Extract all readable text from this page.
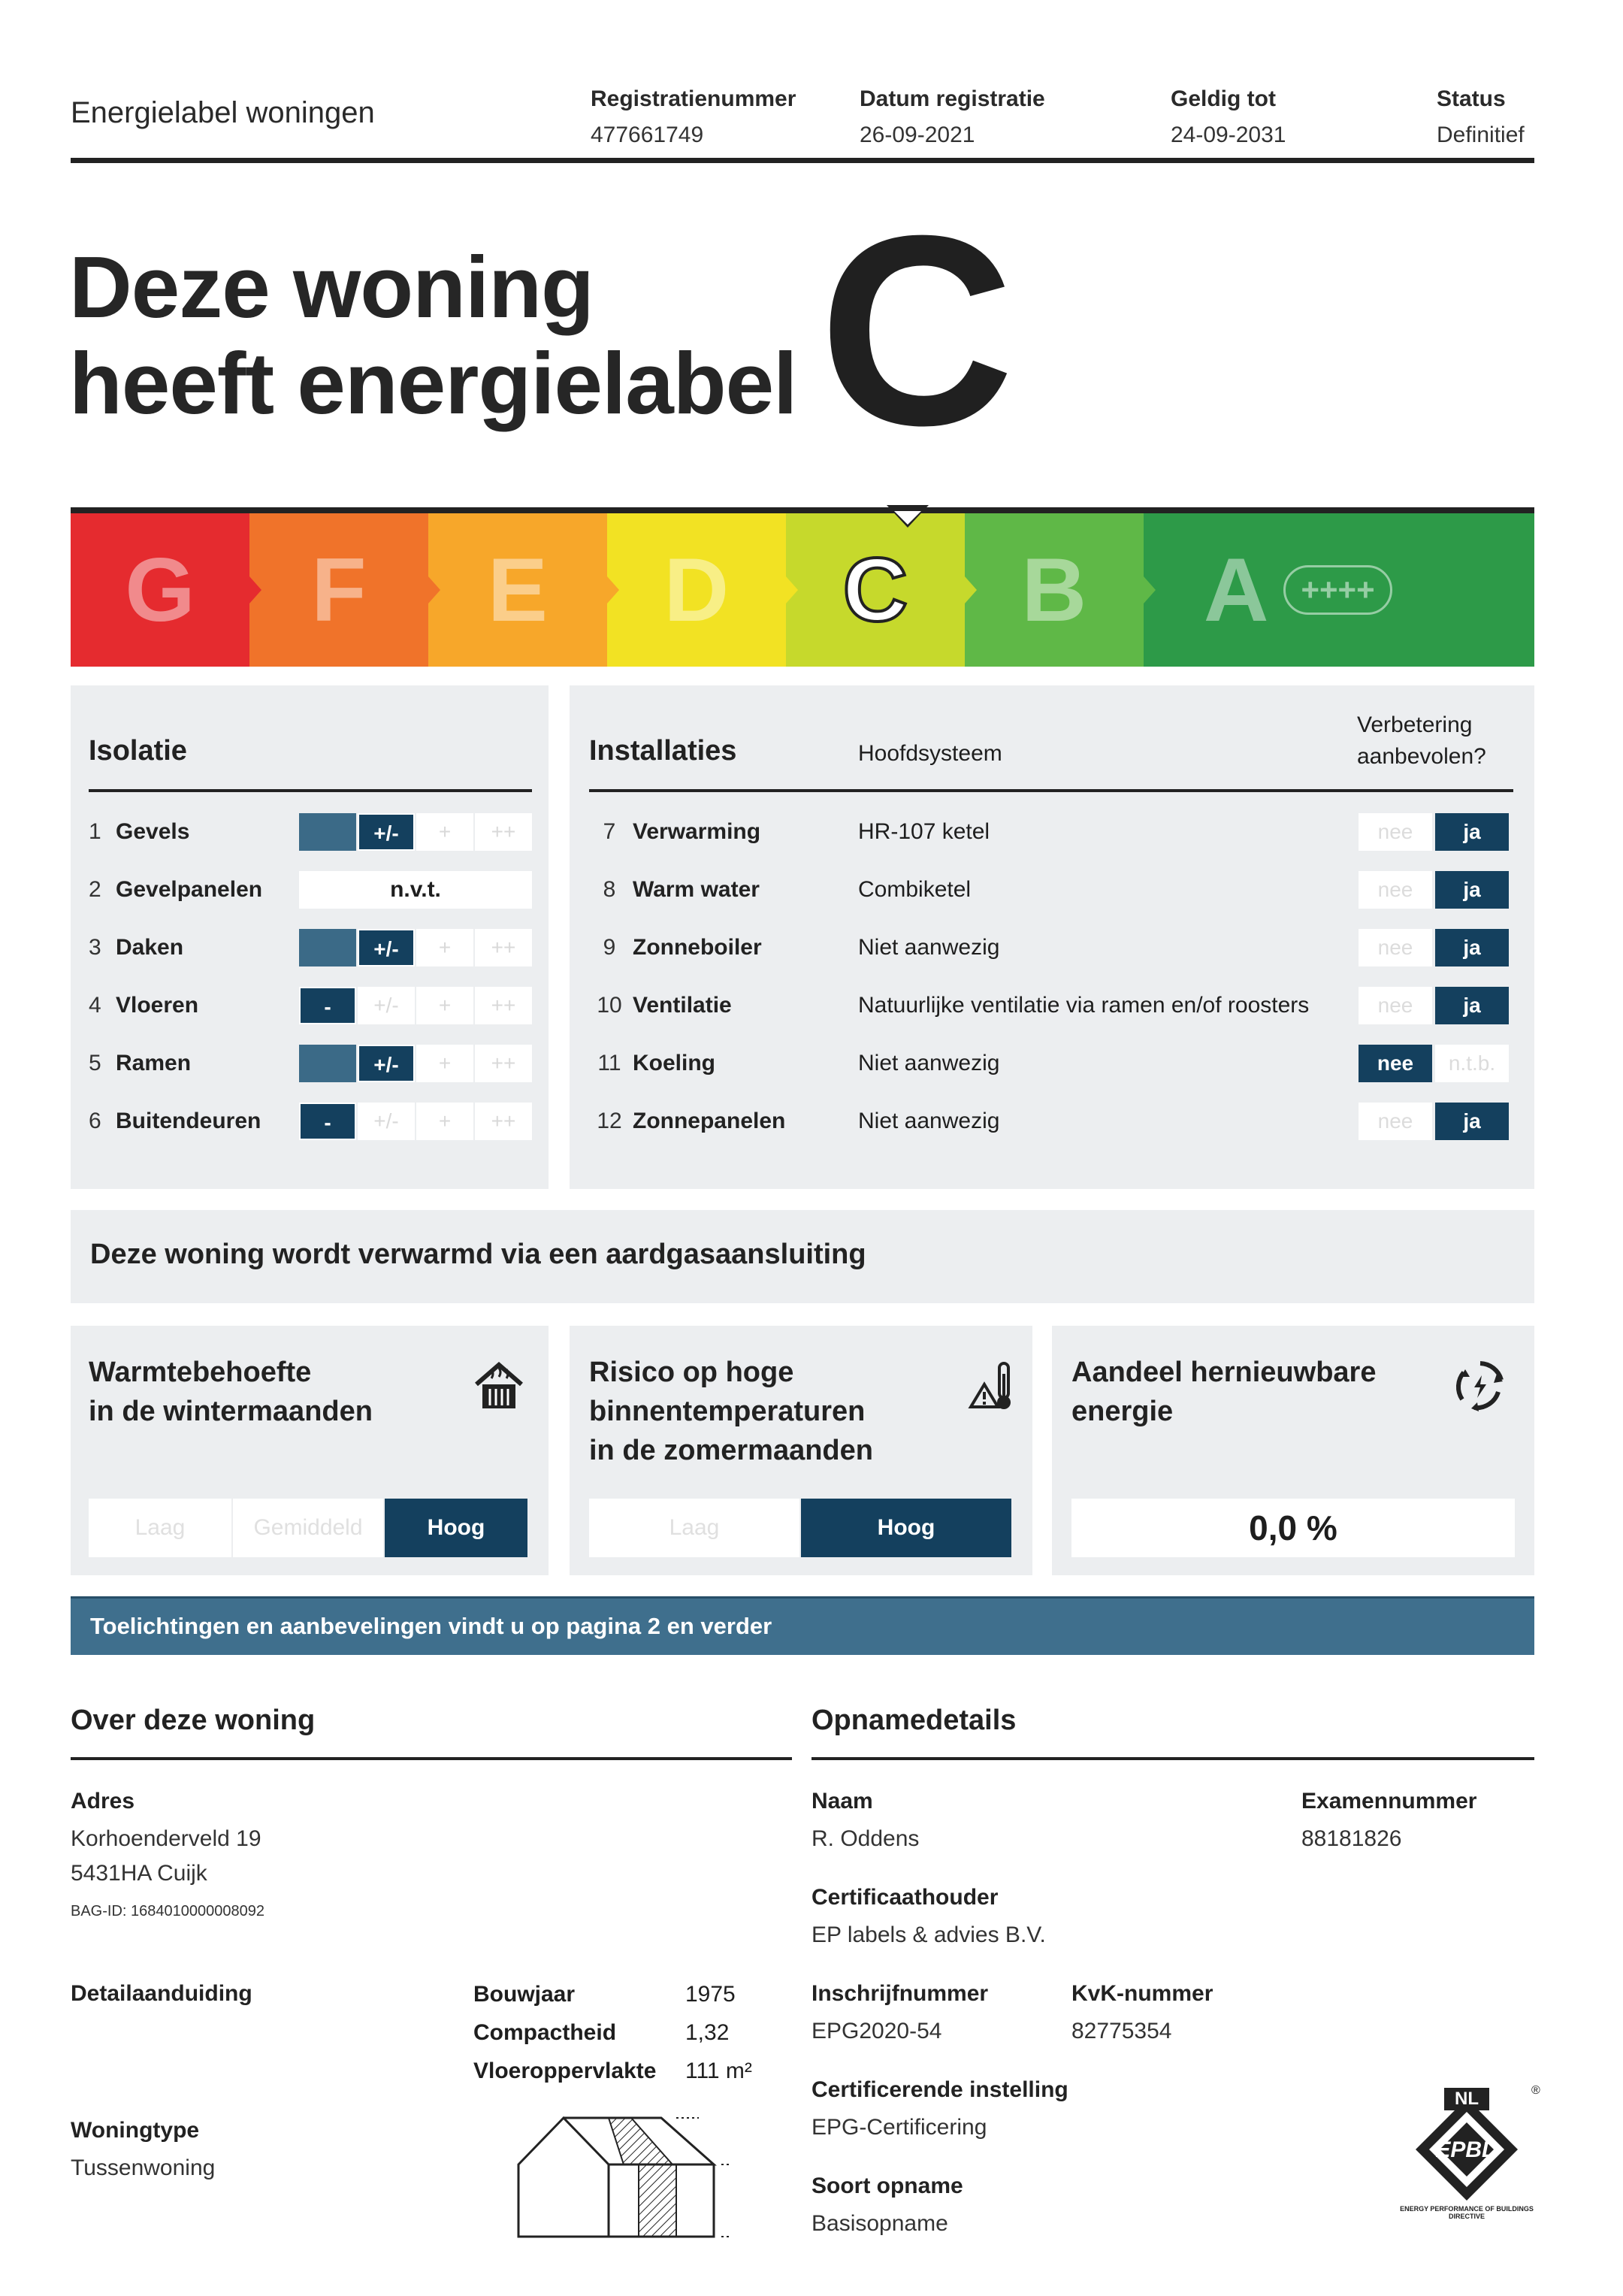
Energielabel woningen	Registratienummer
477661749
Datum registratie
26-09-2021
Geldig tot
24-09-2031
Status
Definitief
Deze woning
heeft energielabel C
G F E D C B A	++++
Isolatie
1 Gevels	+/-	+	++
2 Gevelpanelen	n.v.t.
3 Daken	+/-	+	++
4 Vloeren	-	+/-	+	++
5 Ramen	+/-	+	++
6 Buitendeuren	-	+/-	+	++
Installaties	Hoofdsysteem
Verbetering
aanbevolen?
7 Verwarming	HR-107 ketel	nee	ja
8 Warm water	Combiketel	nee	ja
9 Zonneboiler	Niet aanwezig	nee	ja
10 Ventilatie	Natuurlijke ventilatie via ramen en/of roosters	nee	ja
11 Koeling	Niet aanwezig	nee	n.t.b.
12 Zonnepanelen	Niet aanwezig	nee	ja
Deze woning wordt verwarmd via een aardgasaansluiting
Warmtebehoefte
in de wintermaanden
Laag	Gemiddeld	Hoog
Risico op hoge
binnentemperaturen
in de zomermaanden
Laag	Hoog
Aandeel hernieuwbare
energie
0,0 %
Toelichtingen en aanbevelingen vindt u op pagina 2 en verder
Over deze woning
Adres
Korhoenderveld 19
5431HA Cuijk
BAG-ID: 1684010000008092
Detailaanduiding	Bouwjaar	1975
Compactheid	1,32
Vloeroppervlakte 111 m²
Woningtype
Tussenwoning
Opnamedetails
Naam
R. Oddens
Examennummer
88181826
Certificaathouder
EP labels & advies B.V.
Inschrijfnummer
EPG2020-54
KvK-nummer
82775354
Certificerende instelling
EPG-Certificering
Soort opname
Basisopname
®
NL
EPBD
ENERGY PERFORMANCE OF BUILDINGS DIRECTIVE
